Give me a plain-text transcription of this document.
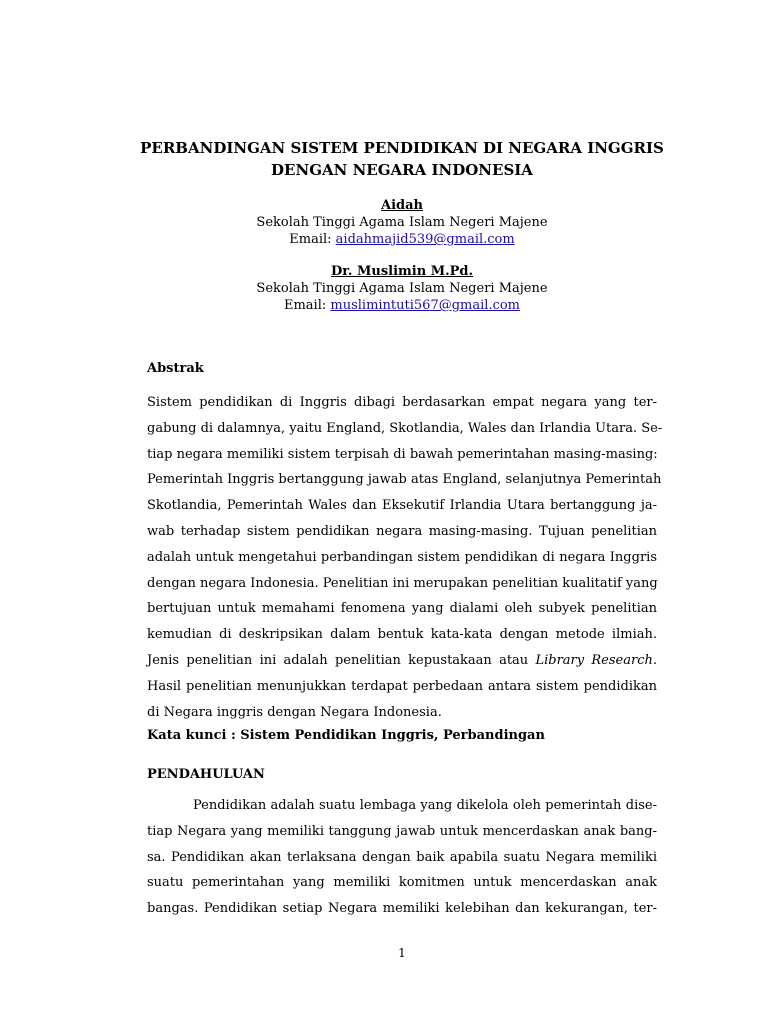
PERBANDINGAN SISTEM PENDIDIKAN DI NEGARA INGGRIS
DENGAN NEGARA INDONESIA
Aidah
Sekolah Tinggi Agama Islam Negeri Majene
Email: aidahmajid539@gmail.com
Dr. Muslimin M.Pd.
Sekolah Tinggi Agama Islam Negeri Majene
Email: muslimintuti567@gmail.com
Abstrak
Sistem pendidikan di Inggris dibagi berdasarkan empat negara yang ter-
gabung di dalamnya, yaitu England, Skotlandia, Wales dan Irlandia Utara. Se-
tiap negara memiliki sistem terpisah di bawah pemerintahan masing-masing:
Pemerintah Inggris bertanggung jawab atas England, selanjutnya Pemerintah
Skotlandia, Pemerintah Wales dan Eksekutif Irlandia Utara bertanggung ja-
wab terhadap sistem pendidikan negara masing-masing. Tujuan penelitian
adalah untuk mengetahui perbandingan sistem pendidikan di negara Inggris
dengan negara Indonesia. Penelitian ini merupakan penelitian kualitatif yang
bertujuan untuk memahami fenomena yang dialami oleh subyek penelitian
kemudian di deskripsikan dalam bentuk kata-kata dengan metode ilmiah.
Jenis penelitian ini adalah penelitian kepustakaan atau Library Research.
Hasil penelitian menunjukkan terdapat perbedaan antara sistem pendidikan
di Negara inggris dengan Negara Indonesia.
Kata kunci : Sistem Pendidikan Inggris, Perbandingan
PENDAHULUAN
Pendidikan adalah suatu lembaga yang dikelola oleh pemerintah dise-
tiap Negara yang memiliki tanggung jawab untuk mencerdaskan anak bang-
sa. Pendidikan akan terlaksana dengan baik apabila suatu Negara memiliki
suatu pemerintahan yang memiliki komitmen untuk mencerdaskan anak
bangas. Pendidikan setiap Negara memiliki kelebihan dan kekurangan, ter-
1
